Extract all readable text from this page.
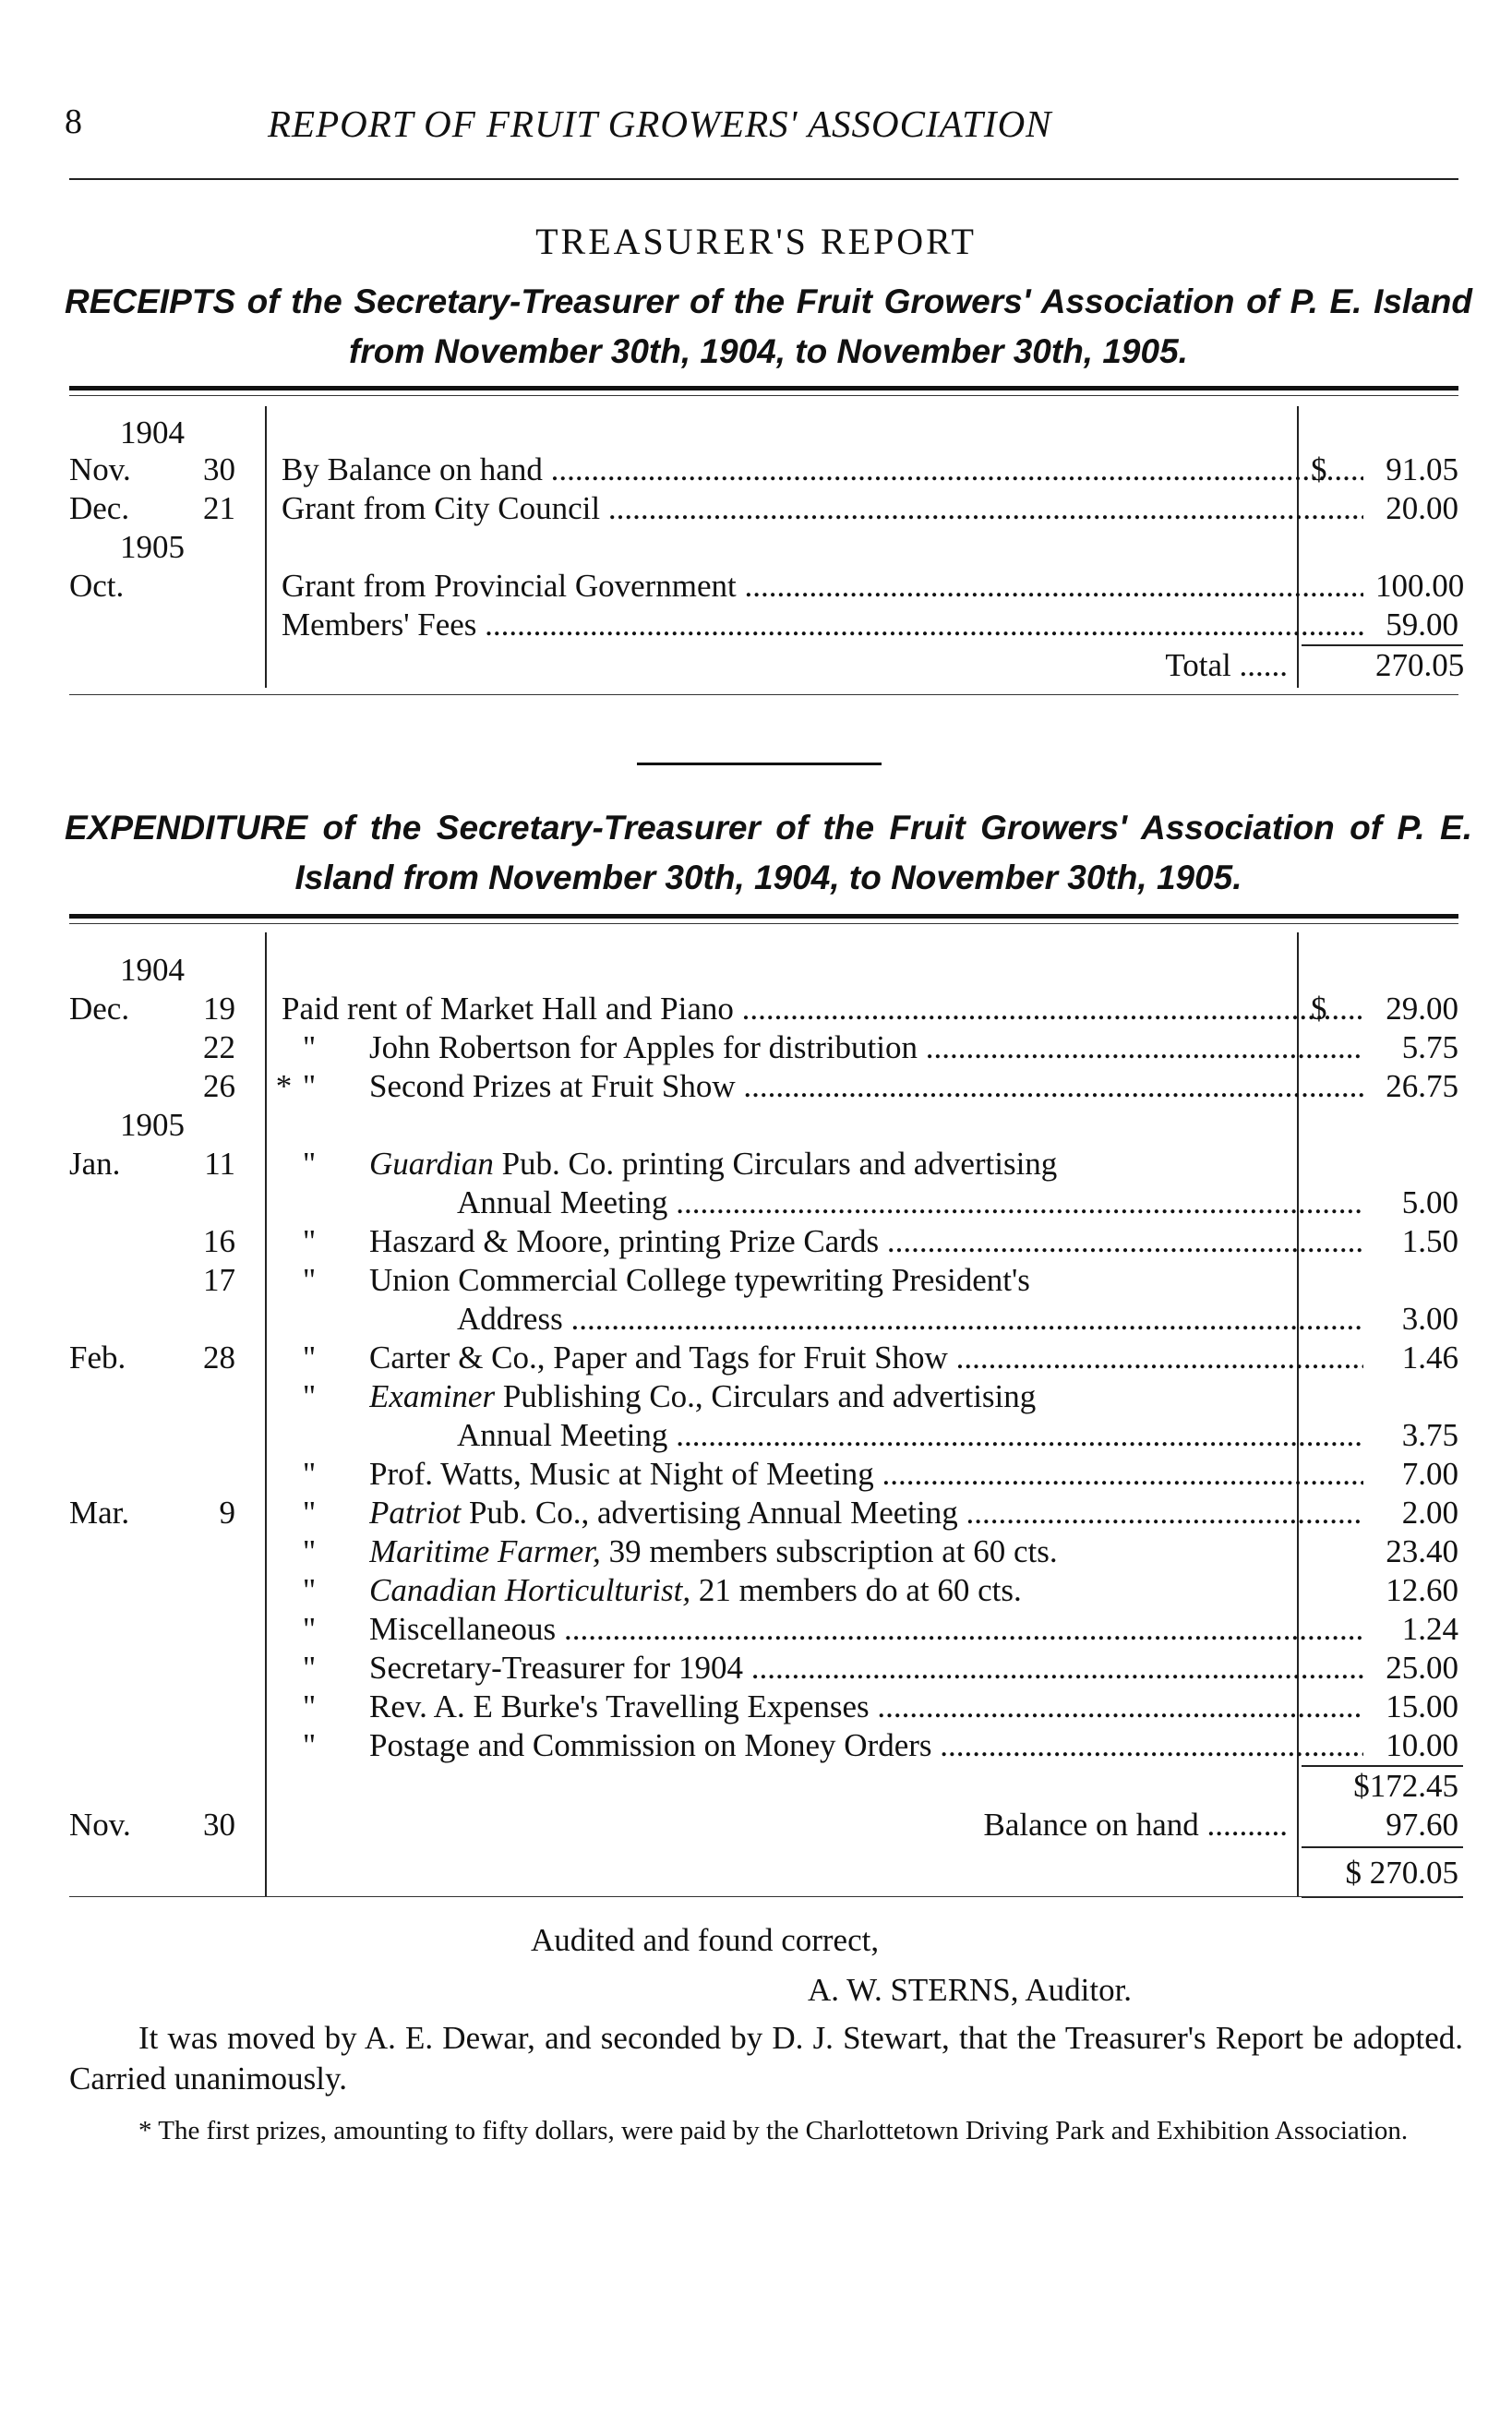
8	REPORT OF FRUIT GROWERS' ASSOCIATION
TREASURER'S REPORT
RECEIPTS of the Secretary-Treasurer of the Fruit Growers' Association of P. E. Island from November 30th, 1904, to November 30th, 1905.
1904
Nov.	30 By Balance on hand .....	$	91.05
Dec.	21 Grant from City Council .....	20.00
1905
Oct.	Grant from Provincial Government .....	100.00
Members' Fees .....	59.00
Total ......	270.05
EXPENDITURE of the Secretary-Treasurer of the Fruit Growers' Association of P. E. Island from November 30th, 1904, to November 30th, 1905.
1904
Dec.	19 Paid rent of Market Hall and Piano .....	$	29.00
22	"	John Robertson for Apples for distribution .....	5.75
26 * "	Second Prizes at Fruit Show .....	26.75
1905
Jan.	11	"	Guardian Pub. Co. printing Circulars and advertising
Annual Meeting .....	5.00
16	"	Haszard & Moore, printing Prize Cards .....	1.50
17	"	Union Commercial College typewriting President's
Address .....	3.00
Feb.	28	"	Carter & Co., Paper and Tags for Fruit Show .....	1.46
"	Examiner Publishing Co., Circulars and advertising
Annual Meeting .....	3.75
"	Prof. Watts, Music at Night of Meeting .....	7.00
Mar.	9	"	Patriot Pub. Co., advertising Annual Meeting .....	2.00
"	Maritime Farmer, 39 members subscription at 60 cts.	23.40
"	Canadian Horticulturist, 21 members do at 60 cts.	12.60
"	Miscellaneous .....	1.24
"	Secretary-Treasurer for 1904 .....	25.00
"	Rev. A. E Burke's Travelling Expenses .....	15.00
"	Postage and Commission on Money Orders .....	10.00
$172.45
Nov.	30	Balance on hand ..........	97.60
$ 270.05
Audited and found correct,
A. W. STERNS, Auditor.
It was moved by A. E. Dewar, and seconded by D. J. Stewart, that the Treasurer's Report be adopted. Carried unanimously.
* The first prizes, amounting to fifty dollars, were paid by the Charlottetown Driving Park and Exhibition Association.
